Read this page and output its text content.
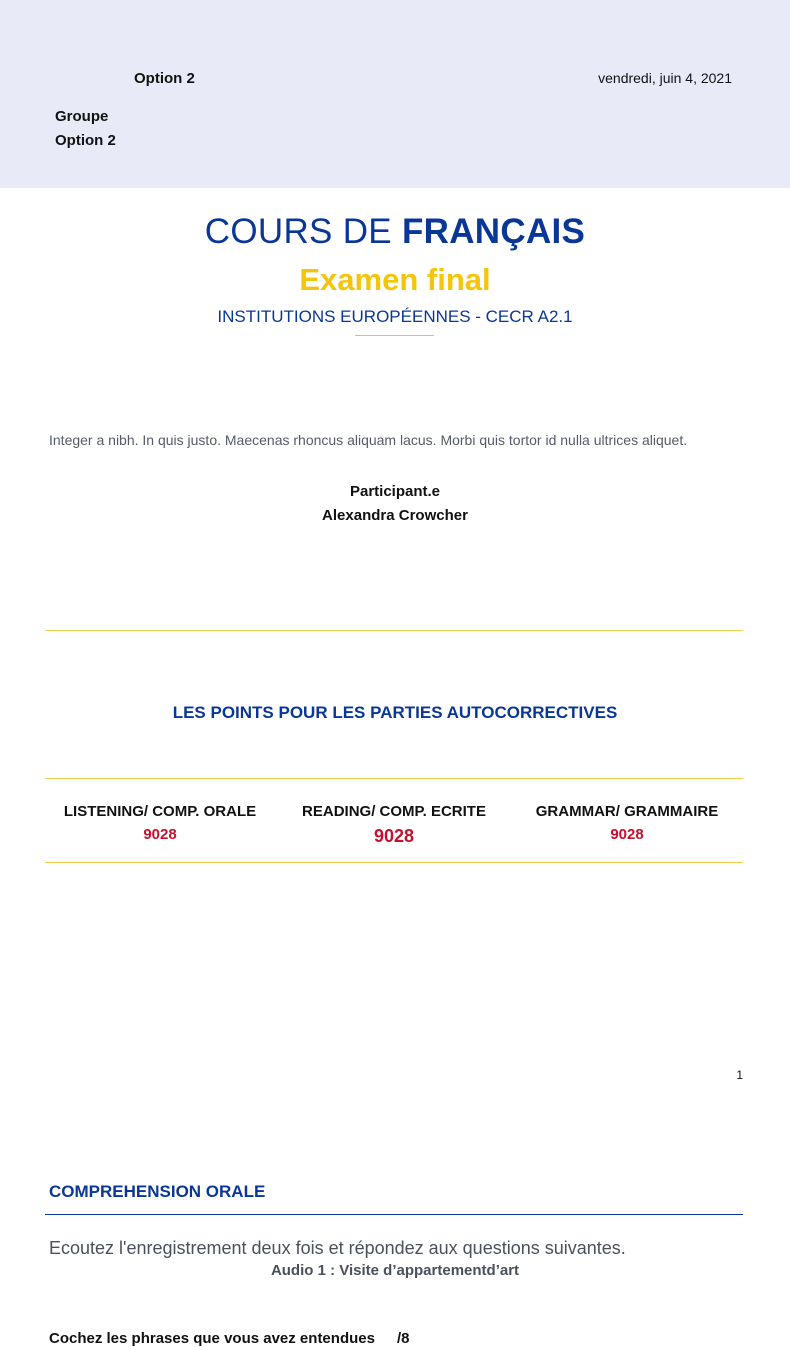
Option 2	vendredi, juin 4, 2021
Groupe
Option 2
COURS DE FRANÇAIS
Examen final
INSTITUTIONS EUROPÉENNES - CECR A2.1
Integer a nibh. In quis justo. Maecenas rhoncus aliquam lacus. Morbi quis tortor id nulla ultrices aliquet.
Participant.e
Alexandra Crowcher
LES POINTS POUR LES PARTIES AUTOCORRECTIVES
LISTENING/ COMP. ORALE
9028
READING/ COMP. ECRITE
9028
GRAMMAR/ GRAMMAIRE
9028
1
COMPREHENSION ORALE
Ecoutez l'enregistrement deux fois et répondez aux questions suivantes.
Audio 1 : Visite d’appartementd’art
Cochez les phrases que vous avez entendues /8
